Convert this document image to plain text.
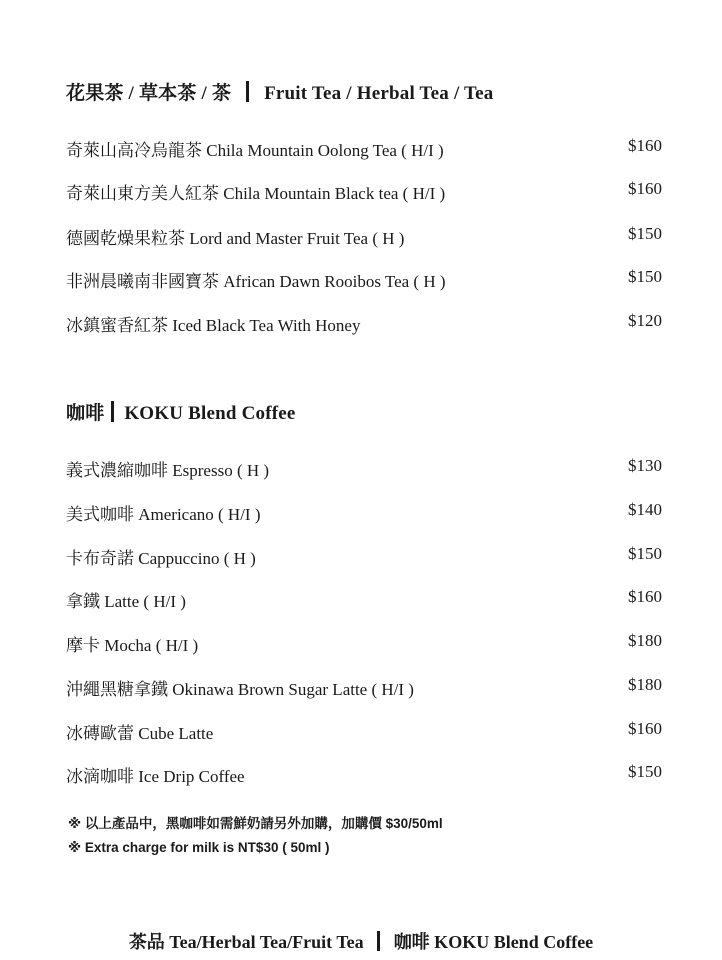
花果茶 / 草本茶 / 茶 Fruit Tea / Herbal Tea / Tea
奇萊山高冷烏龍茶 Chila Mountain Oolong Tea ( H/I )	$160
奇萊山東方美人紅茶 Chila Mountain Black tea ( H/I )	$160
德國乾燥果粒茶 Lord and Master Fruit Tea ( H )	$150
非洲晨曦南非國寶茶 African Dawn Rooibos Tea ( H )	$150
冰鎮蜜香紅茶 Iced Black Tea With Honey	$120
咖啡 KOKU Blend Coffee
義式濃縮咖啡 Espresso ( H )	$130
美式咖啡 Americano ( H/I )	$140
卡布奇諾 Cappuccino ( H )	$150
拿鐵 Latte ( H/I )	$160
摩卡 Mocha ( H/I )	$180
沖繩黑糖拿鐵 Okinawa Brown Sugar Latte ( H/I )	$180
冰磚歐蕾 Cube Latte	$160
冰滴咖啡 Ice Drip Coffee	$150
※ 以上產品中，黑咖啡如需鮮奶請另外加購，加購價 $30/50ml
※ Extra charge for milk is NT$30 ( 50ml )
茶品 Tea/Herbal Tea/Fruit Tea 咖啡 KOKU Blend Coffee
